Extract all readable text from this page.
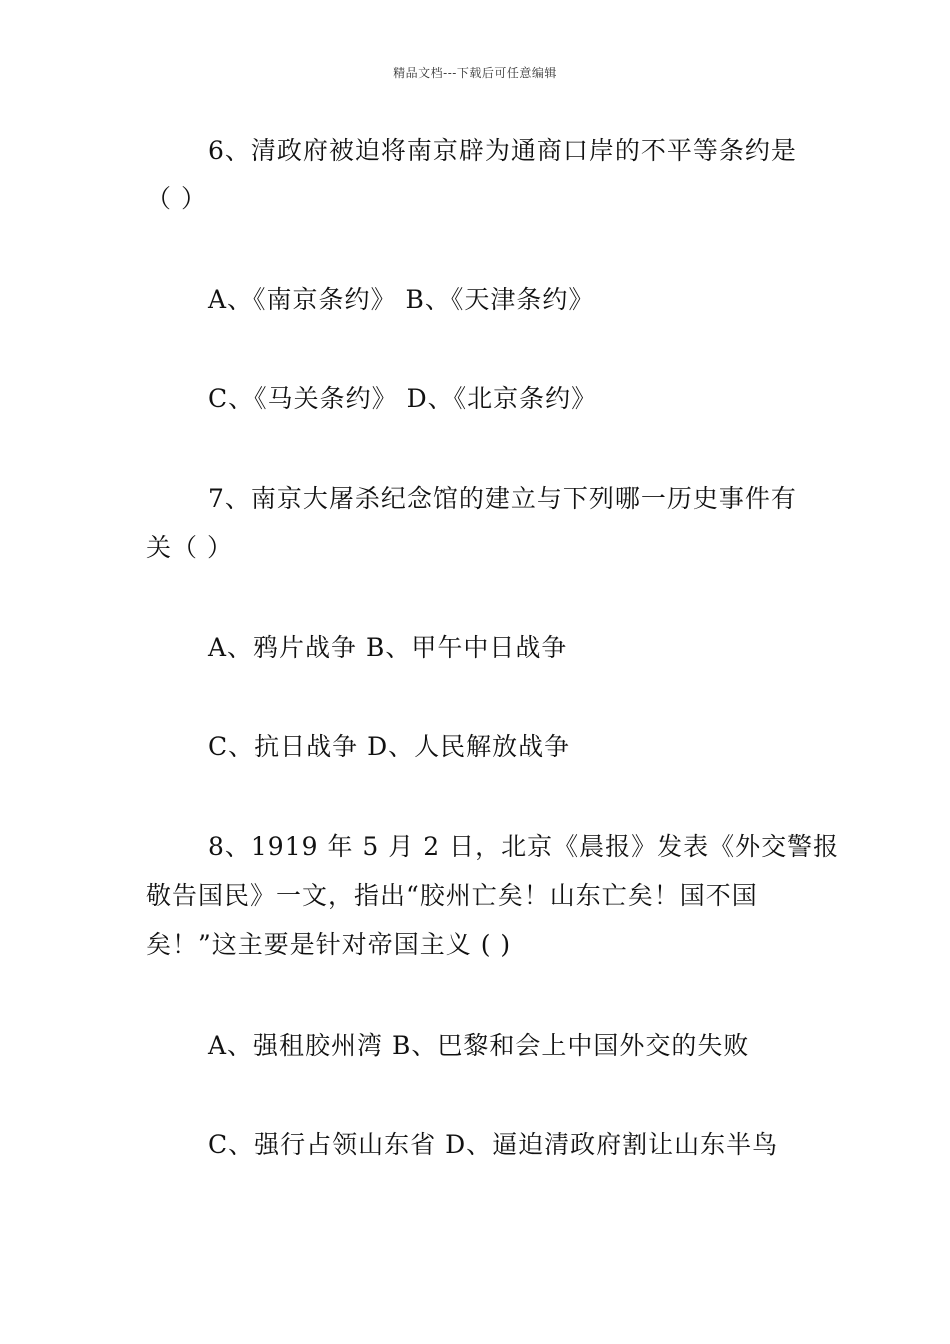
精品文档---下载后可任意编辑
6、清政府被迫将南京辟为通商口岸的不平等条约是
（ ）
A、《南京条约》 B、《天津条约》
C、《马关条约》 D、《北京条约》
7、南京大屠杀纪念馆的建立与下列哪一历史事件有
关（ ）
A、鸦片战争 B、甲午中日战争
C、抗日战争 D、人民解放战争
8、1919 年 5 月 2 日，北京《晨报》发表《外交警报
敬告国民》一文，指出“胶州亡矣！山东亡矣！国不国
矣！”这主要是针对帝国主义 ( )
A、强租胶州湾 B、巴黎和会上中国外交的失败
C、强行占领山东省 D、逼迫清政府割让山东半鸟
